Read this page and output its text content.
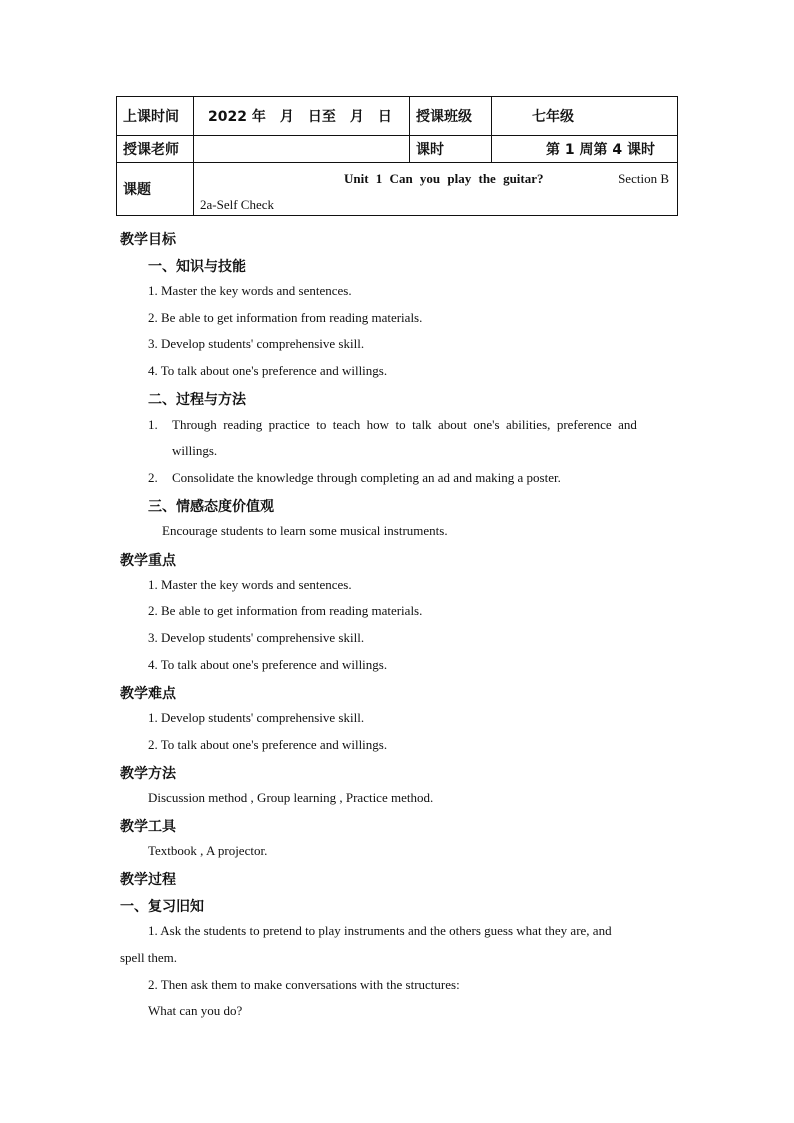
上课时间	2022 年　月　日至　月　日	授课班级	七年级
授课老师		课时	第 1 周第 4 课时
课题	Unit 1 Can you play the guitar? Section B
2a-Self Check		
教学目标
一、知识与技能
1. Master the key words and sentences.
2. Be able to get information from reading materials.
3. Develop students' comprehensive skill.
4. To talk about one's preference and willings.
二、过程与方法
1. Through reading practice to teach how to talk about one's abilities, preference and
willings.
2. Consolidate the knowledge through completing an ad and making a poster.
三、情感态度价值观
Encourage students to learn some musical instruments.
教学重点
1. Master the key words and sentences.
2. Be able to get information from reading materials.
3. Develop students' comprehensive skill.
4. To talk about one's preference and willings.
教学难点
1. Develop students' comprehensive skill.
2. To talk about one's preference and willings.
教学方法
Discussion method , Group learning , Practice method.
教学工具
Textbook , A projector.
教学过程
一、复习旧知
1. Ask the students to pretend to play instruments and the others guess what they are, and
spell them.
2. Then ask them to make conversations with the structures:
What can you do?
